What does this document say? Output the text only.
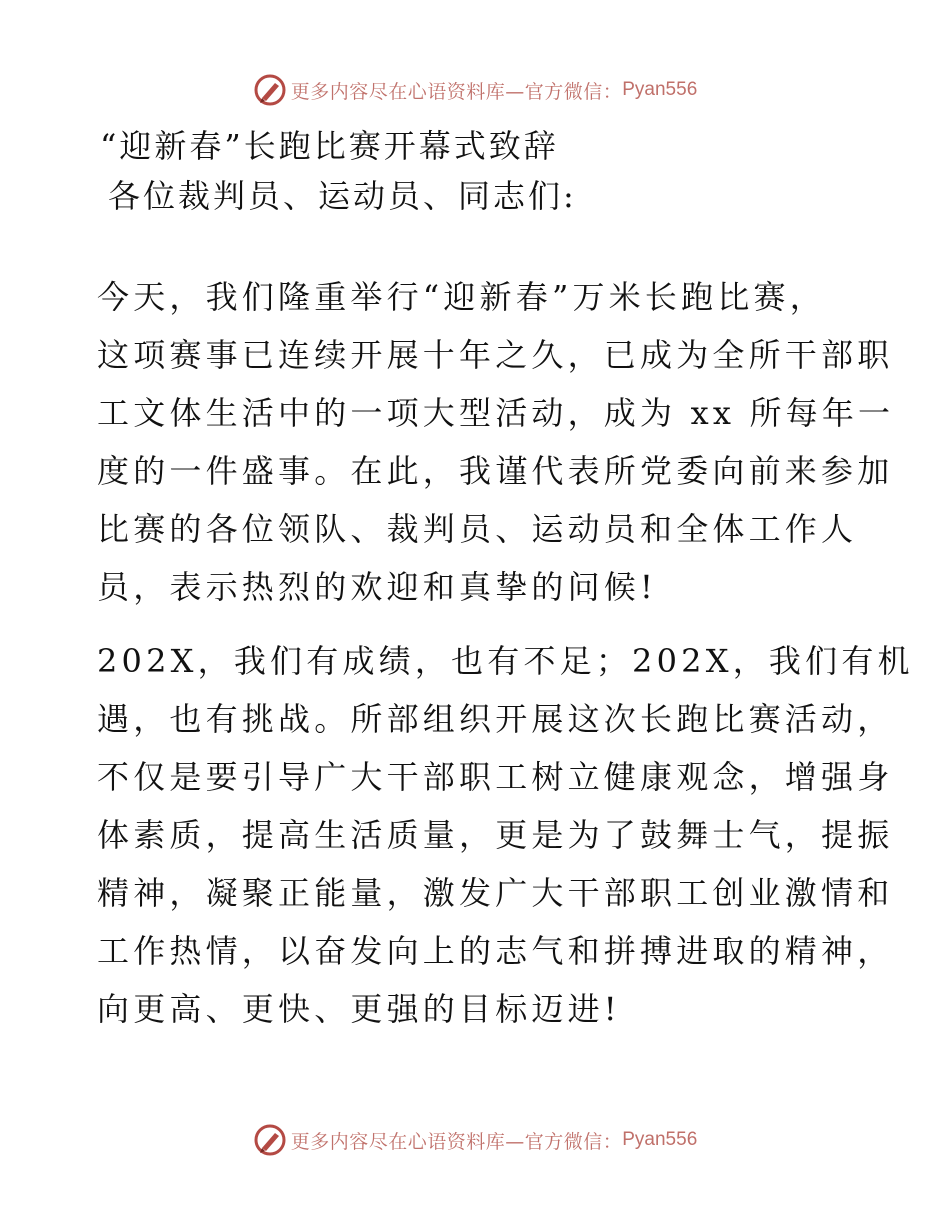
更多内容尽在心语资料库—官方微信： Pyan556
“迎新春”长跑比赛开幕式致辞

各位裁判员、运动员、同志们:

今天，我们隆重举行“迎新春”万米长跑比赛，
这项赛事已连续开展十年之久，已成为全所干部职
工文体生活中的一项大型活动，成为 xx 所每年一
度的一件盛事。在此，我谨代表所党委向前来参加
比赛的各位领队、裁判员、运动员和全体工作人
员，表示热烈的欢迎和真挚的问候!
202X，我们有成绩，也有不足；202X，我们有机
遇，也有挑战。所部组织开展这次长跑比赛活动，
不仅是要引导广大干部职工树立健康观念，增强身
体素质，提高生活质量，更是为了鼓舞士气，提振
精神，凝聚正能量，激发广大干部职工创业激情和
工作热情，以奋发向上的志气和拼搏进取的精神，
向更高、更快、更强的目标迈进!
更多内容尽在心语资料库—官方微信： Pyan556
